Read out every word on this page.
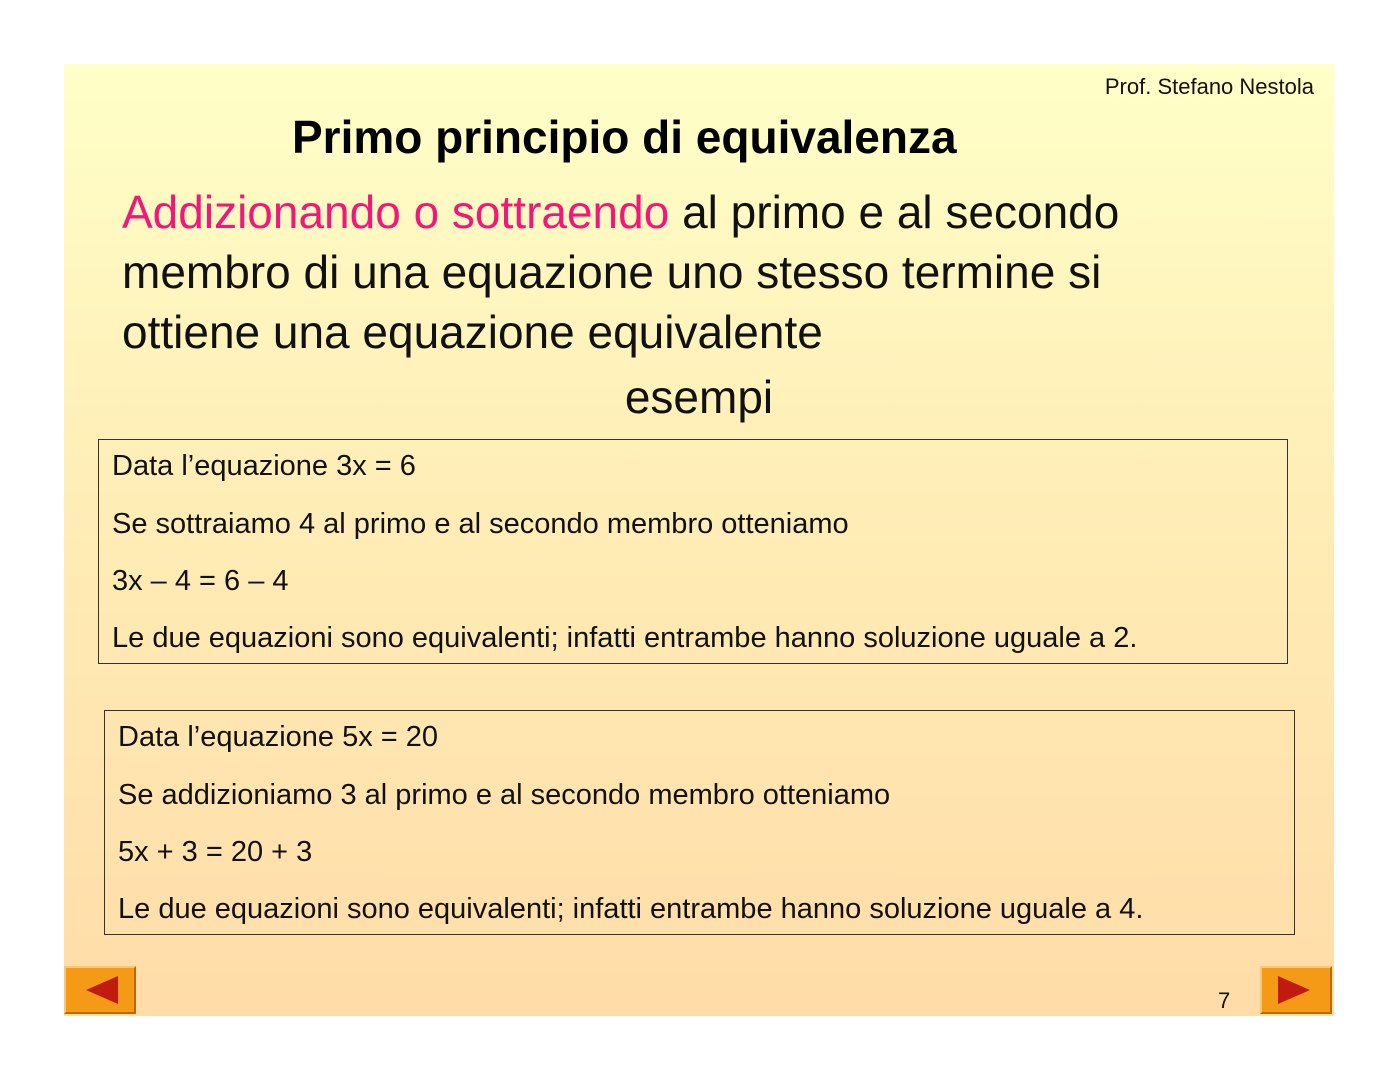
Prof. Stefano Nestola
Primo principio di equivalenza
Addizionando o sottraendo al primo e al secondo membro di una equazione uno stesso termine si ottiene una equazione equivalente
esempi
Data l’equazione 3x = 6
Se sottraiamo 4 al primo e al secondo membro otteniamo
3x – 4 = 6 – 4
Le due equazioni sono equivalenti; infatti entrambe hanno soluzione uguale a 2.
Data l’equazione 5x = 20
Se addizioniamo 3 al primo e al secondo membro otteniamo
5x + 3 = 20 + 3
Le due equazioni sono equivalenti; infatti entrambe hanno soluzione uguale a 4.
7
